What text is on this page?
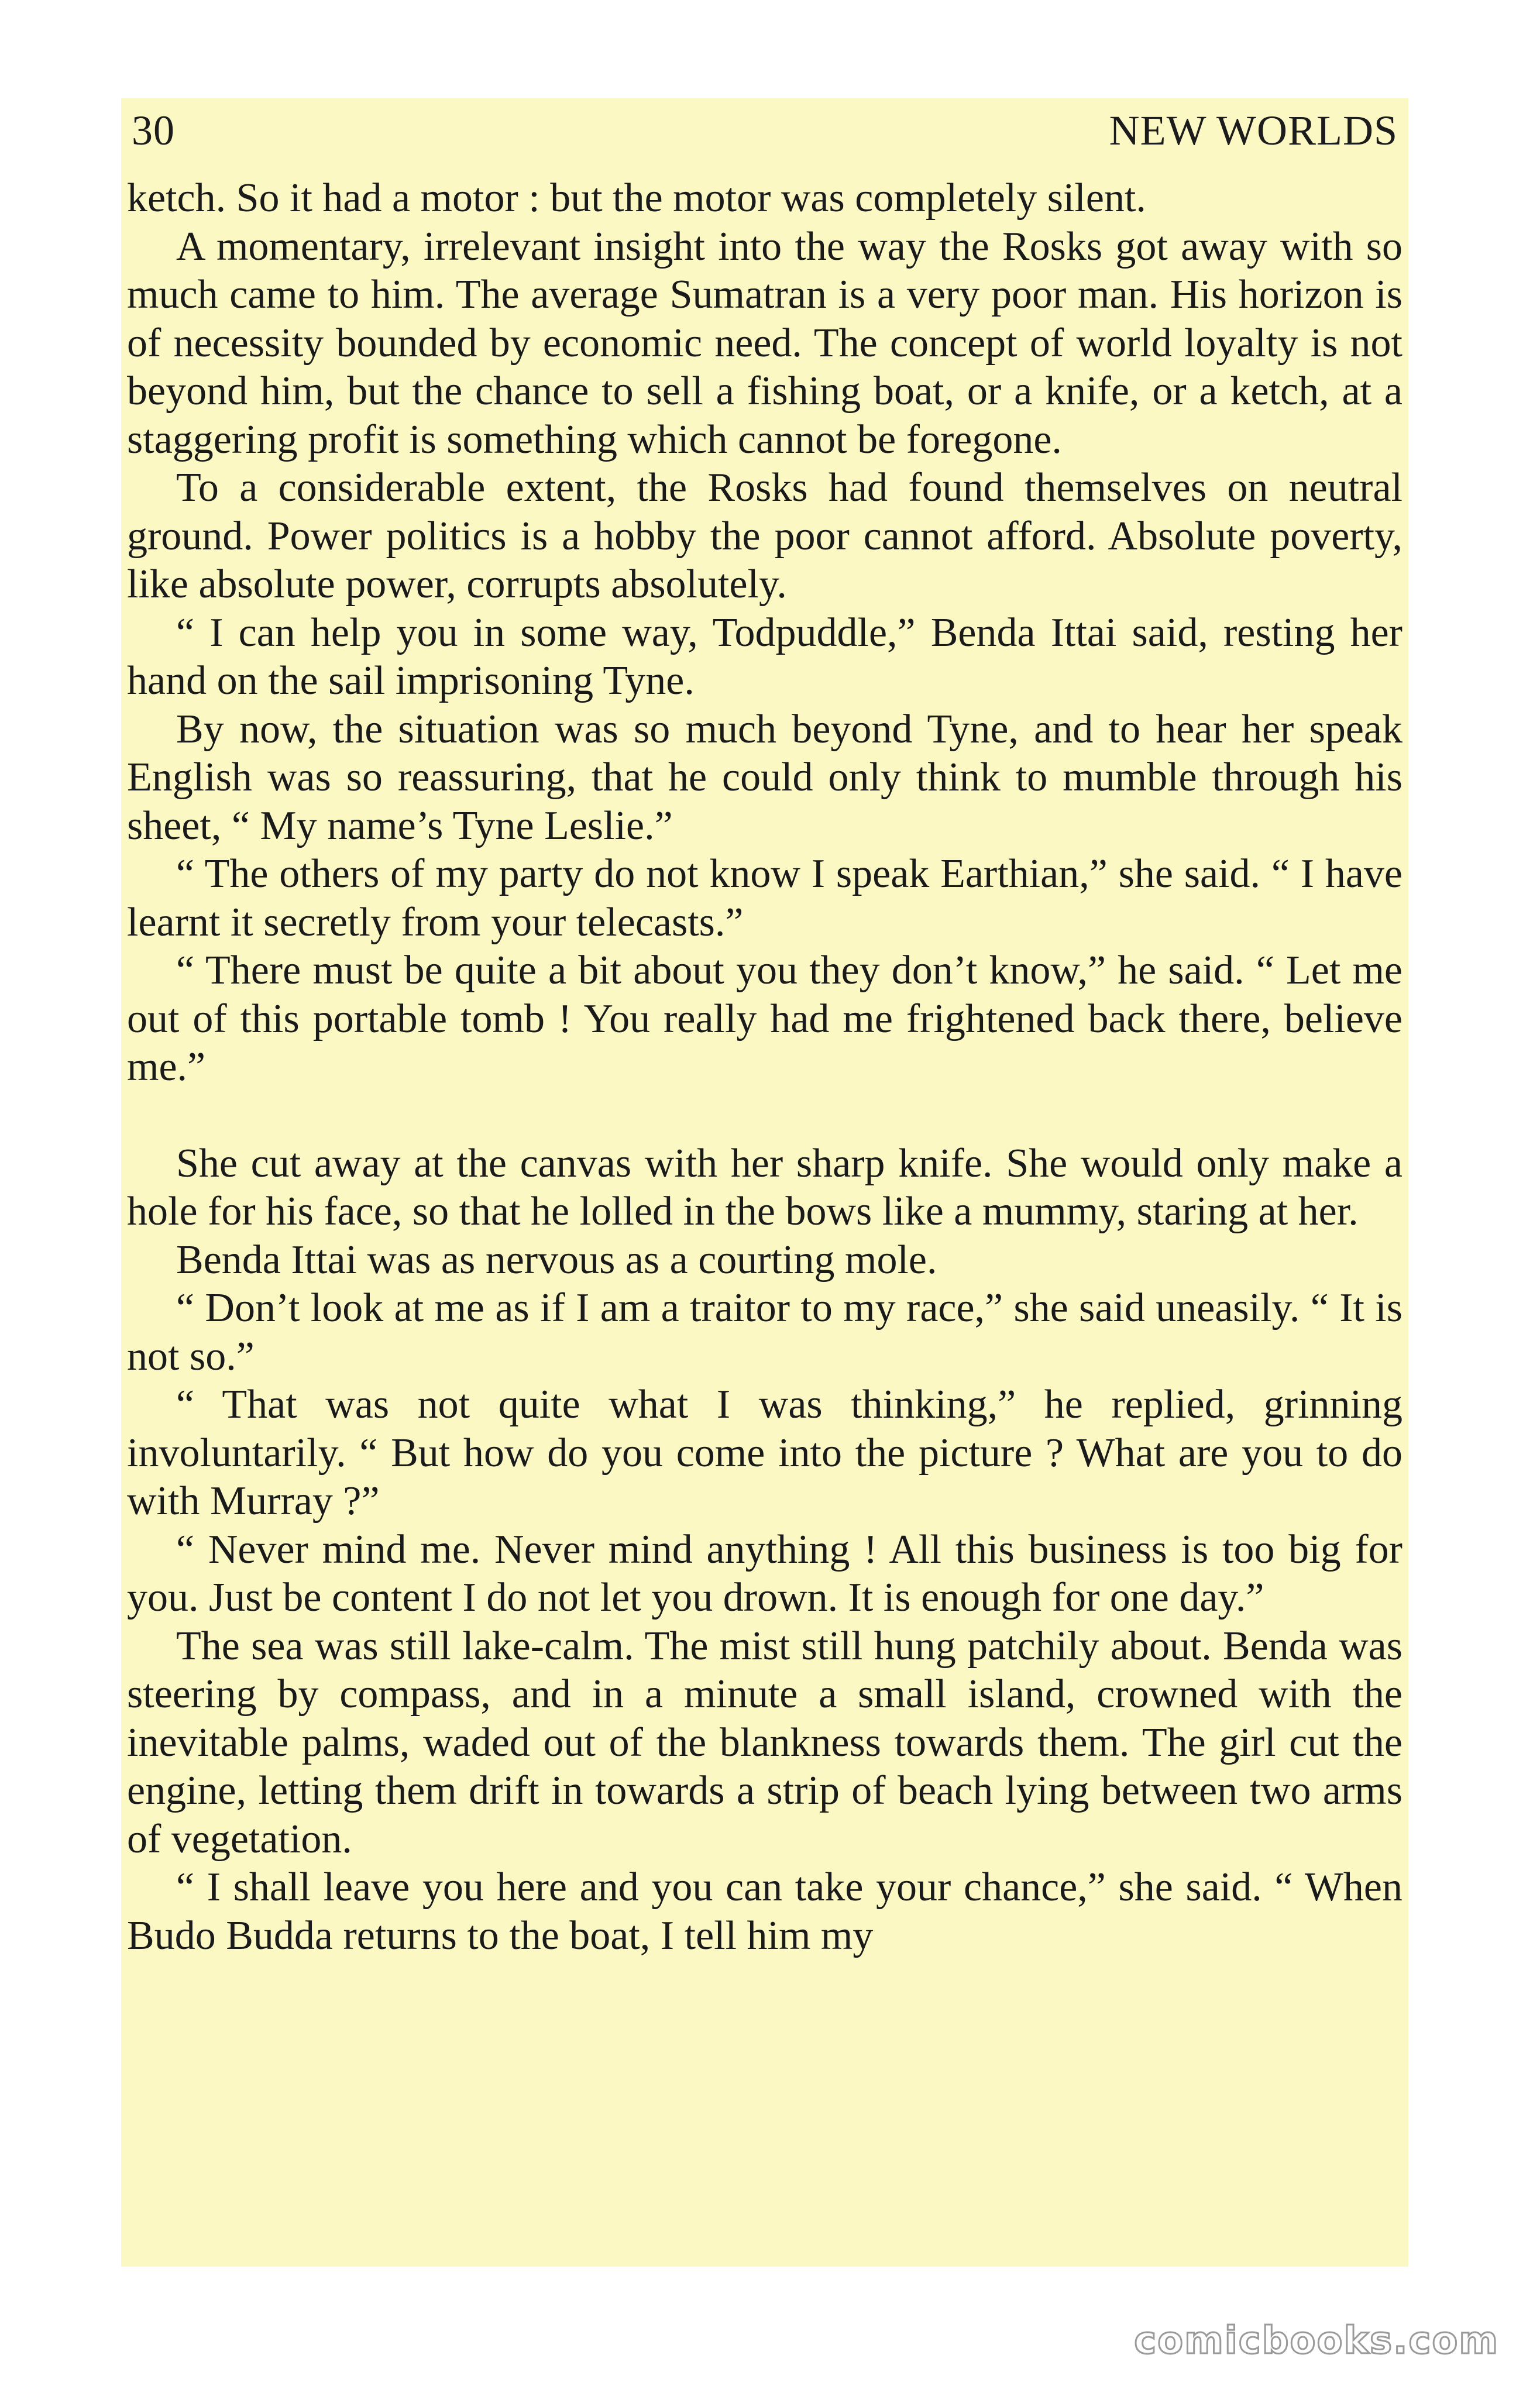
30	NEW WORLDS

ketch. So it had a motor : but the motor was completely silent.

A momentary, irrelevant insight into the way the Rosks got away with so much came to him. The average Sumatran is a very poor man. His horizon is of necessity bounded by economic need. The concept of world loyalty is not beyond him, but the chance to sell a fishing boat, or a knife, or a ketch, at a staggering profit is something which cannot be foregone.

To a considerable extent, the Rosks had found themselves on neutral ground. Power politics is a hobby the poor cannot afford. Absolute poverty, like absolute power, corrupts absolutely.

“ I can help you in some way, Todpuddle,” Benda Ittai said, resting her hand on the sail imprisoning Tyne.

By now, the situation was so much beyond Tyne, and to hear her speak English was so reassuring, that he could only think to mumble through his sheet, “ My name’s Tyne Leslie.”

“ The others of my party do not know I speak Earthian,” she said. “ I have learnt it secretly from your telecasts.”

“ There must be quite a bit about you they don’t know,” he said. “ Let me out of this portable tomb ! You really had me frightened back there, believe me.”

She cut away at the canvas with her sharp knife. She would only make a hole for his face, so that he lolled in the bows like a mummy, staring at her.

Benda Ittai was as nervous as a courting mole.

“ Don’t look at me as if I am a traitor to my race,” she said uneasily. “ It is not so.”

“ That was not quite what I was thinking,” he replied, grinning involuntarily. “ But how do you come into the picture ? What are you to do with Murray ?”

“ Never mind me. Never mind anything ! All this business is too big for you. Just be content I do not let you drown. It is enough for one day.”

The sea was still lake-calm. The mist still hung patchily about. Benda was steering by compass, and in a minute a small island, crowned with the inevitable palms, waded out of the blankness towards them. The girl cut the engine, letting them drift in towards a strip of beach lying between two arms of vegetation.

“ I shall leave you here and you can take your chance,” she said. “ When Budo Budda returns to the boat, I tell him my

comicbooks.com
